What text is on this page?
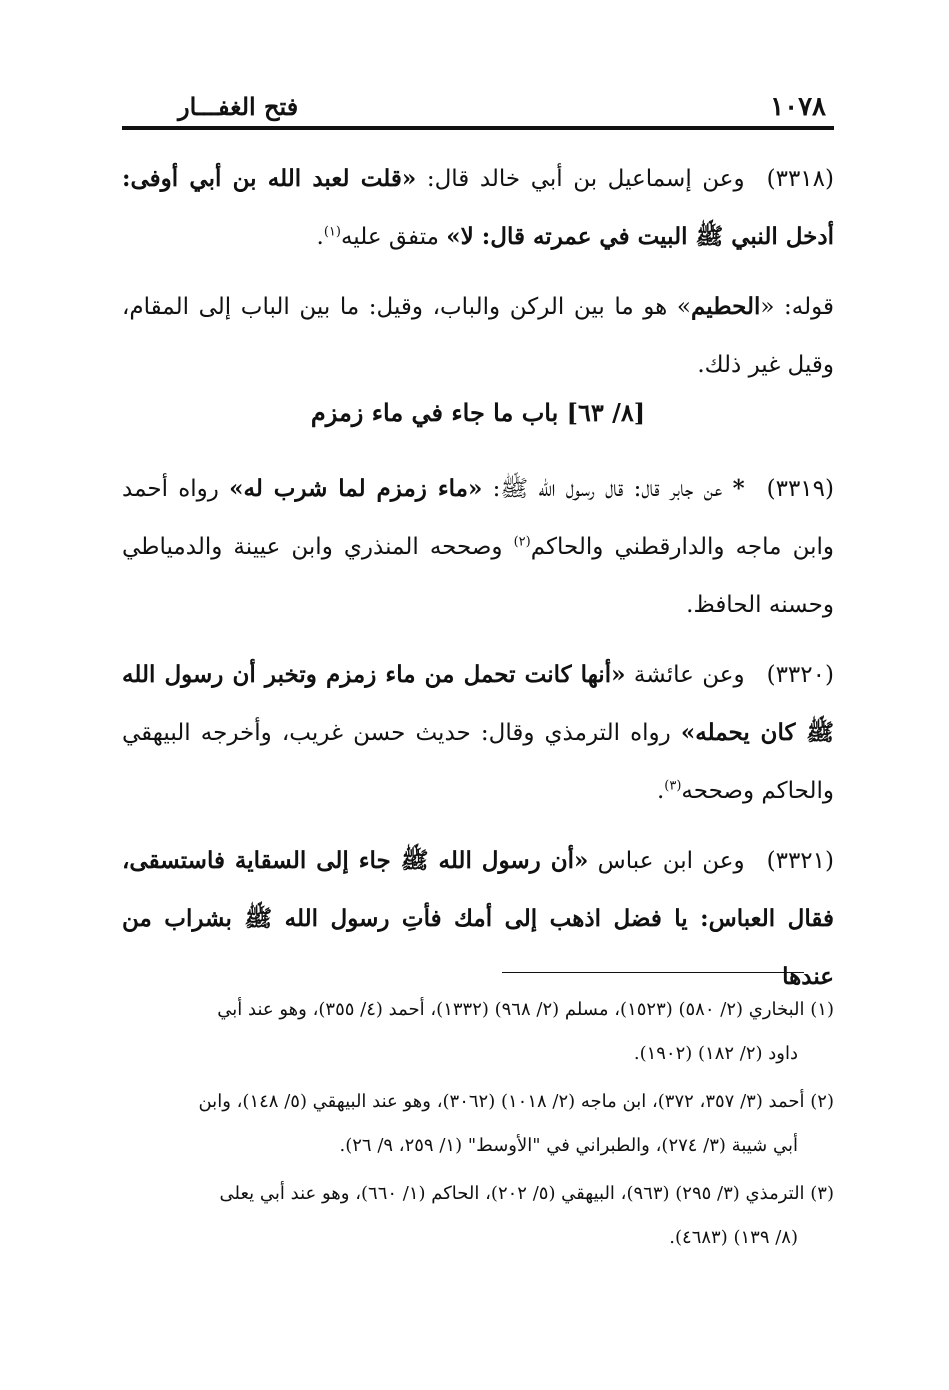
١٠٧٨
فتح الغفـــار

(٣٣١٨)وعن إسماعيل بن أبي خالد قال: «قلت لعبد الله بن أبي أوفى: أدخل النبي ﷺ البيت في عمرته قال: لا» متفق عليه$^{(١)}$.

قوله: «الحطيم» هو ما بين الركن والباب، وقيل: ما بين الباب إلى المقام، وقيل غير ذلك.

[٨/ ٦٣] باب ما جاء في ماء زمزم

(٣٣١٩)* عن جابر قال: قال رسول الله ﷺ: «ماء زمزم لما شرب له» رواه أحمد وابن ماجه والدارقطني والحاكم$^{(٢)}$ وصححه المنذري وابن عيينة والدمياطي وحسنه الحافظ.

(٣٣٢٠)وعن عائشة «أنها كانت تحمل من ماء زمزم وتخبر أن رسول الله ﷺ كان يحمله» رواه الترمذي وقال: حديث حسن غريب، وأخرجه البيهقي والحاكم وصححه$^{(٣)}$.

(٣٣٢١)وعن ابن عباس «أن رسول الله ﷺ جاء إلى السقاية فاستسقى، فقال العباس: يا فضل اذهب إلى أمك فأتِ رسول الله ﷺ بشراب من عندها

(١) البخاري (٢/ ٥٨٠) (١٥٢٣)، مسلم (٢/ ٩٦٨) (١٣٣٢)، أحمد (٤/ ٣٥٥)، وهو عند أبي
داود (٢/ ١٨٢) (١٩٠٢).

(٢) أحمد (٣/ ٣٥٧، ٣٧٢)، ابن ماجه (٢/ ١٠١٨) (٣٠٦٢)، وهو عند البيهقي (٥/ ١٤٨)، وابن
أبي شيبة (٣/ ٢٧٤)، والطبراني في "الأوسط" (١/ ٢٥٩، ٩/ ٢٦).

(٣) الترمذي (٣/ ٢٩٥) (٩٦٣)، البيهقي (٥/ ٢٠٢)، الحاكم (١/ ٦٦٠)، وهو عند أبي يعلى
(٨/ ١٣٩) (٤٦٨٣).
